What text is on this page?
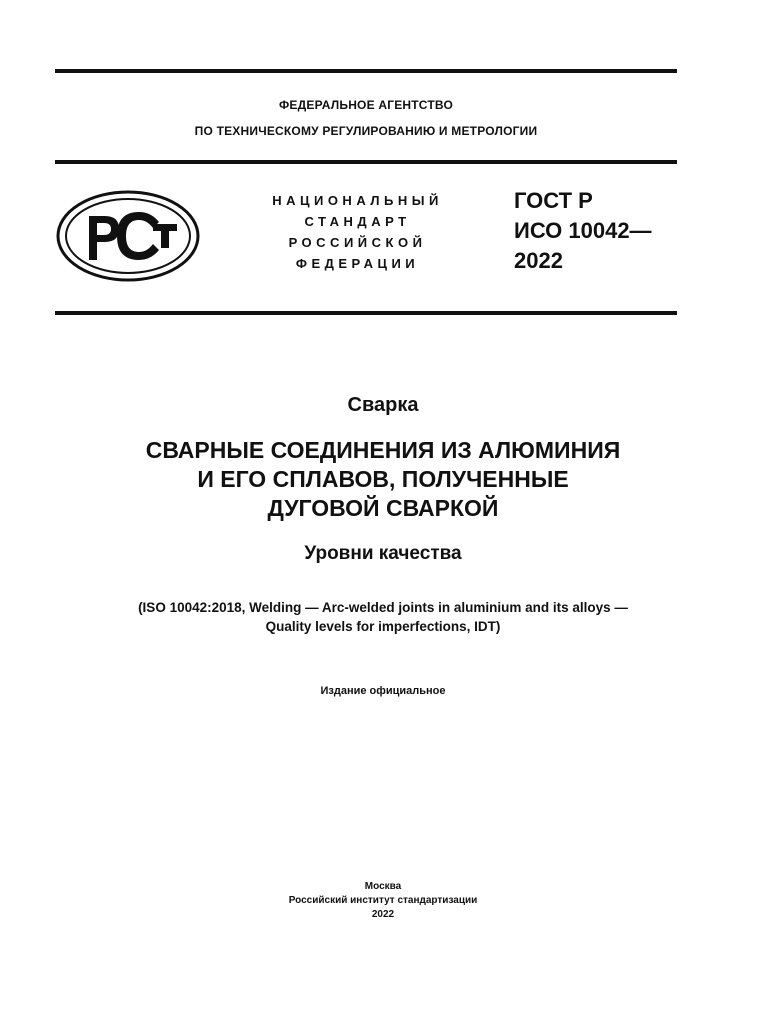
ФЕДЕРАЛЬНОЕ АГЕНТСТВО
ПО ТЕХНИЧЕСКОМУ РЕГУЛИРОВАНИЮ И МЕТРОЛОГИИ
НАЦИОНАЛЬНЫЙ
СТАНДАРТ
РОССИЙСКОЙ
ФЕДЕРАЦИИ
ГОСТ Р
ИСО 10042—
2022
Сварка
СВАРНЫЕ СОЕДИНЕНИЯ ИЗ АЛЮМИНИЯ
И ЕГО СПЛАВОВ, ПОЛУЧЕННЫЕ
ДУГОВОЙ СВАРКОЙ
Уровни качества
(ISO 10042:2018, Welding — Arc-welded joints in aluminium and its alloys —
Quality levels for imperfections, IDT)
Издание официальное
Москва
Российский институт стандартизации
2022
